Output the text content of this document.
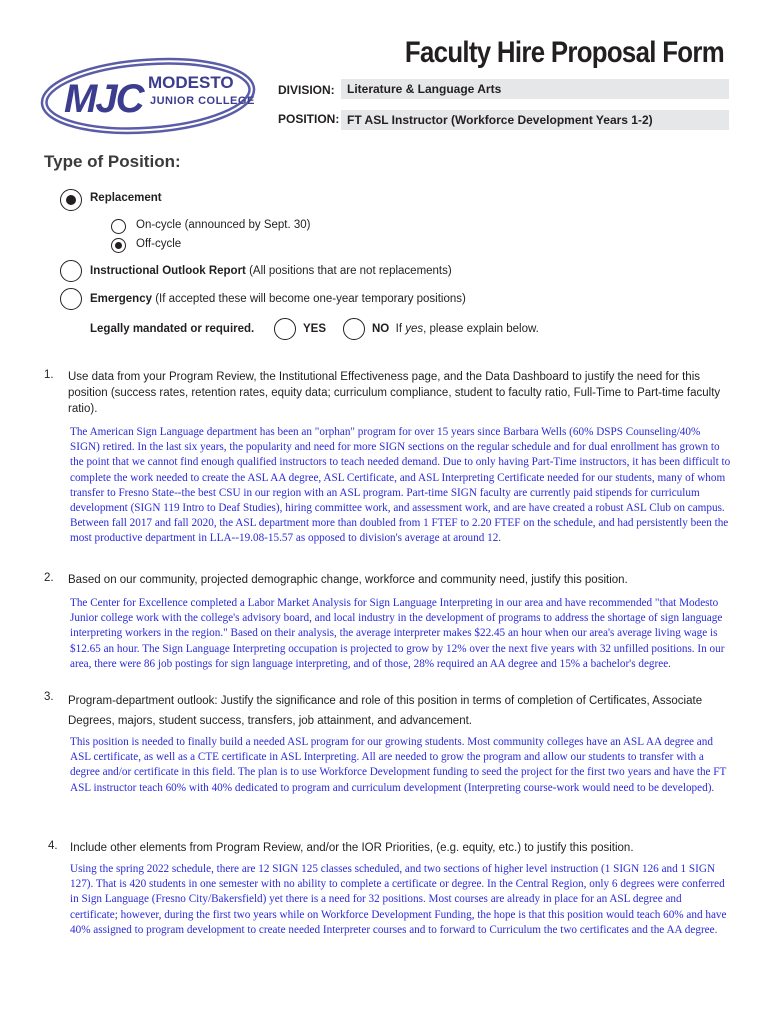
Faculty Hire Proposal Form
MJC MODESTO
JUNIOR COLLEGE
DIVISION:	Literature & Language Arts
POSITION: FT ASL Instructor (Workforce Development Years 1-2)
Type of Position:
Replacement
On-cycle (announced by Sept. 30)
Off-cycle
Instructional Outlook Report (All positions that are not replacements)
Emergency (If accepted these will become one-year temporary positions)
Legally mandated or required.	YES	NO If yes, please explain below.
1. Use data from your Program Review, the Institutional Effectiveness page, and the Data Dashboard to justify the need for this position (success rates, retention rates, equity data; curriculum compliance, student to faculty ratio, Full-Time to Part-time faculty ratio).
The American Sign Language department has been an "orphan" program for over 15 years since Barbara Wells (60% DSPS Counseling/40% SIGN) retired. In the last six years, the popularity and need for more SIGN sections on the regular schedule and for dual enrollment has grown to the point that we cannot find enough qualified instructors to teach needed demand. Due to only having Part-Time instructors, it has been difficult to complete the work needed to create the ASL AA degree, ASL Certificate, and ASL Interpreting Certificate needed for our students, many of whom transfer to Fresno State--the best CSU in our region with an ASL program. Part-time SIGN faculty are currently paid stipends for curriculum development (SIGN 119 Intro to Deaf Studies), hiring committee work, and assessment work, and are have created a robust ASL Club on campus. Between fall 2017 and fall 2020, the ASL department more than doubled from 1 FTEF to 2.20 FTEF on the schedule, and had persistently been the most productive department in LLA--19.08-15.57 as opposed to division's average at around 12.
2. Based on our community, projected demographic change, workforce and community need, justify this position.
The Center for Excellence completed a Labor Market Analysis for Sign Language Interpreting in our area and have recommended "that Modesto Junior college work with the college's advisory board, and local industry in the development of programs to address the shortage of sign language interpreting workers in the region." Based on their analysis, the average interpreter makes $22.45 an hour when our area's average living wage is $12.65 an hour. The Sign Language Interpreting occupation is projected to grow by 12% over the next five years with 32 unfilled positions. In our area, there were 86 job postings for sign language interpreting, and of those, 28% required an AA degree and 15% a bachelor's degree.
3. Program-department outlook: Justify the significance and role of this position in terms of completion of Certificates, Associate Degrees, majors, student success, transfers, job attainment, and advancement.
This position is needed to finally build a needed ASL program for our growing students. Most community colleges have an ASL AA degree and ASL certificate, as well as a CTE certificate in ASL Interpreting. All are needed to grow the program and allow our students to transfer with a degree and/or certificate in this field. The plan is to use Workforce Development funding to seed the project for the first two years and have the FT ASL instructor teach 60% with 40% dedicated to program and curriculum development (Interpreting course-work would need to be developed).
4. Include other elements from Program Review, and/or the IOR Priorities, (e.g. equity, etc.) to justify this position.
Using the spring 2022 schedule, there are 12 SIGN 125 classes scheduled, and two sections of higher level instruction (1 SIGN 126 and 1 SIGN 127). That is 420 students in one semester with no ability to complete a certificate or degree. In the Central Region, only 6 degrees were conferred in Sign Language (Fresno City/Bakersfield) yet there is a need for 32 positions. Most courses are already in place for an ASL degree and certificate; however, during the first two years while on Workforce Development Funding, the hope is that this position would teach 60% and have 40% assigned to program development to create needed Interpreter courses and to forward to Curriculum the two certificates and the AA degree.
